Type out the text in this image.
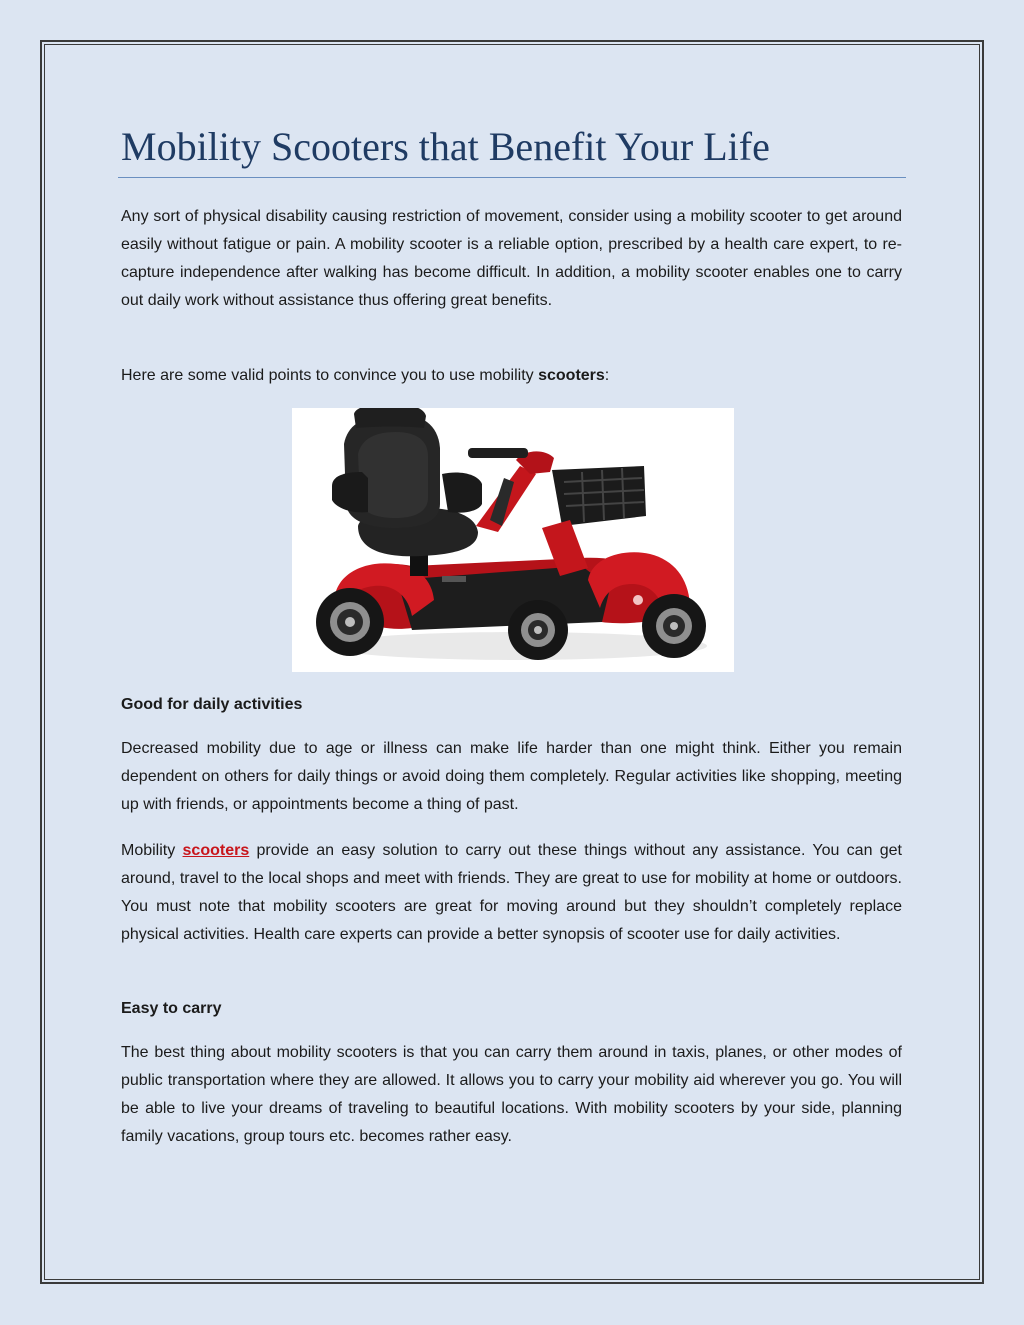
Mobility Scooters that Benefit Your Life

Any sort of physical disability causing restriction of movement, consider using a mobility scooter to get around easily without fatigue or pain. A mobility scooter is a reliable option, prescribed by a health care expert, to re-capture independence after walking has become difficult. In addition, a mobility scooter enables one to carry out daily work without assistance thus offering great benefits.

Here are some valid points to convince you to use mobility scooters:

Good for daily activities

Decreased mobility due to age or illness can make life harder than one might think. Either you remain dependent on others for daily things or avoid doing them completely. Regular activities like shopping, meeting up with friends, or appointments become a thing of past.

Mobility scooters provide an easy solution to carry out these things without any assistance. You can get around, travel to the local shops and meet with friends. They are great to use for mobility at home or outdoors. You must note that mobility scooters are great for moving around but they shouldn’t completely replace physical activities. Health care experts can provide a better synopsis of scooter use for daily activities.

Easy to carry

The best thing about mobility scooters is that you can carry them around in taxis, planes, or other modes of public transportation where they are allowed. It allows you to carry your mobility aid wherever you go. You will be able to live your dreams of traveling to beautiful locations. With mobility scooters by your side, planning family vacations, group tours etc. becomes rather easy.
